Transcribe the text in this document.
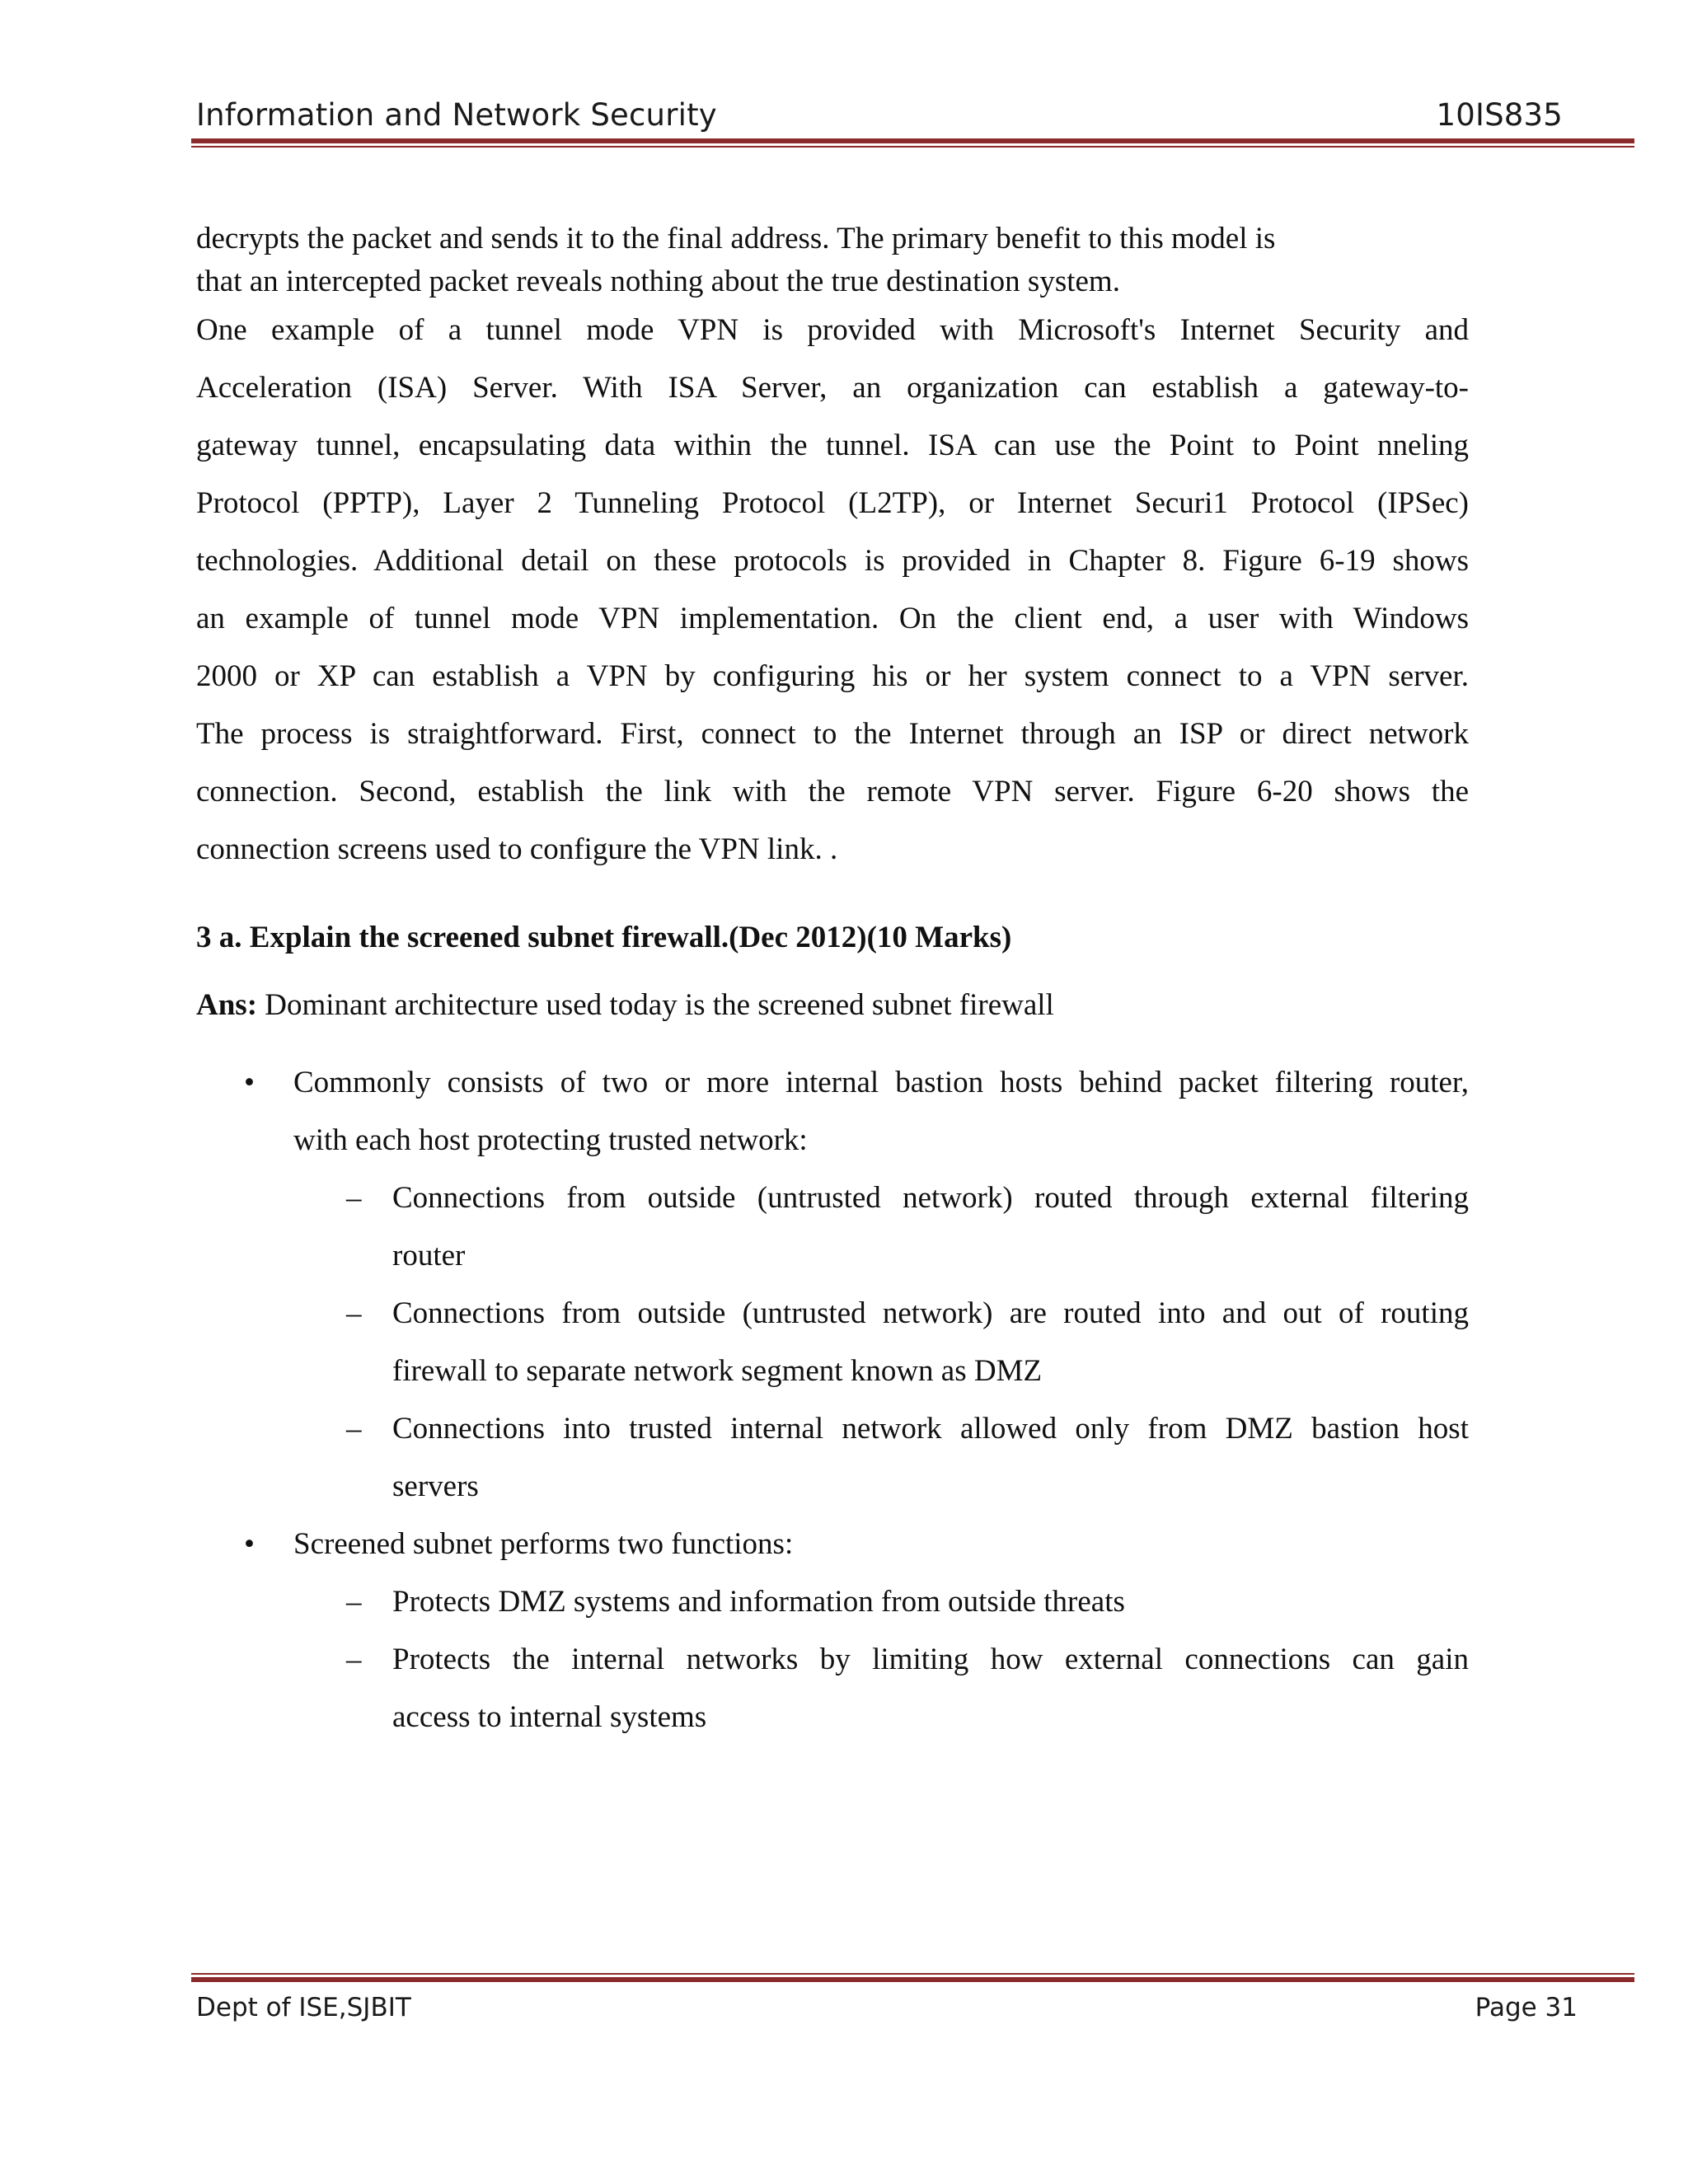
Information and Network Security	10IS835
decrypts the packet and sends it to the final address. The primary benefit to this model is
that an intercepted packet reveals nothing about the true destination system.
One example of a tunnel mode VPN is provided with Microsoft's Internet Security and
Acceleration (ISA) Server. With ISA Server, an organization can establish a gateway-to-
gateway tunnel, encapsulating data within the tunnel. ISA can use the Point to Point nneling
Protocol (PPTP), Layer 2 Tunneling Protocol (L2TP), or Internet Securi1 Protocol (IPSec)
technologies. Additional detail on these protocols is provided in Chapter 8. Figure 6-19 shows
an example of tunnel mode VPN implementation. On the client end, a user with Windows
2000 or XP can establish a VPN by configuring his or her system connect to a VPN server.
The process is straightforward. First, connect to the Internet through an ISP or direct network
connection. Second, establish the link with the remote VPN server. Figure 6-20 shows the
connection screens used to configure the VPN link. .
3 a. Explain the screened subnet firewall.(Dec 2012)(10 Marks)
Ans: Dominant architecture used today is the screened subnet firewall
• Commonly consists of two or more internal bastion hosts behind packet filtering router,
with each host protecting trusted network:
– Connections from outside (untrusted network) routed through external filtering
router
– Connections from outside (untrusted network) are routed into and out of routing
firewall to separate network segment known as DMZ
– Connections into trusted internal network allowed only from DMZ bastion host
servers
• Screened subnet performs two functions:
– Protects DMZ systems and information from outside threats
– Protects the internal networks by limiting how external connections can gain
access to internal systems
Dept of ISE,SJBIT	Page 31
